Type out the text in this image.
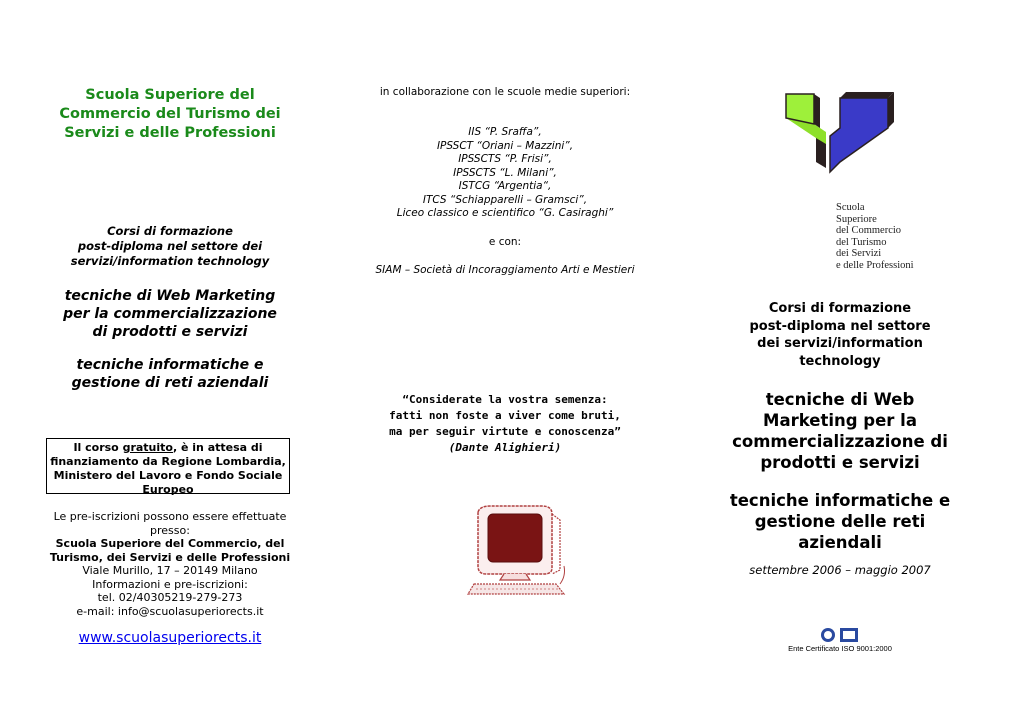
Scuola Superiore del Commercio del Turismo dei Servizi e delle Professioni
Corsi di formazione
post-diploma nel settore dei
servizi/information technology
tecniche di Web Marketing
per la commercializzazione
di prodotti e servizi
tecniche informatiche e
gestione di reti aziendali
Il corso gratuito, è in attesa di finanziamento da Regione Lombardia, Ministero del Lavoro e Fondo Sociale Europeo
Le pre-iscrizioni possono essere effettuate presso:
Scuola Superiore del Commercio, del Turismo, dei Servizi e delle Professioni
Viale Murillo, 17 – 20149 Milano
Informazioni e pre-iscrizioni:
tel. 02/40305219-279-273
e-mail: info@scuolasuperiorects.it
www.scuolasuperiorects.it
in collaborazione con le scuole medie superiori:
IIS “P. Sraffa”,
IPSSCT “Oriani – Mazzini”,
IPSSCTS “P. Frisi”,
IPSSCTS “L. Milani”,
ISTCG “Argentia“,
ITCS “Schiapparelli – Gramsci”,
Liceo classico e scientifico “G. Casiraghi”
e con:
SIAM – Società di Incoraggiamento Arti e Mestieri
“Considerate la vostra semenza:
fatti non foste a viver come bruti,
ma per seguir virtute e conoscenza”
(Dante Alighieri)
Scuola
Superiore
del Commercio
del Turismo
dei Servizi
e delle Professioni
Corsi di formazione
post-diploma nel settore
dei servizi/information
technology
tecniche di Web
Marketing per la
commercializzazione di
prodotti e servizi
tecniche informatiche e
gestione delle reti
aziendali
settembre 2006 – maggio 2007
Ente Certificato ISO 9001:2000
